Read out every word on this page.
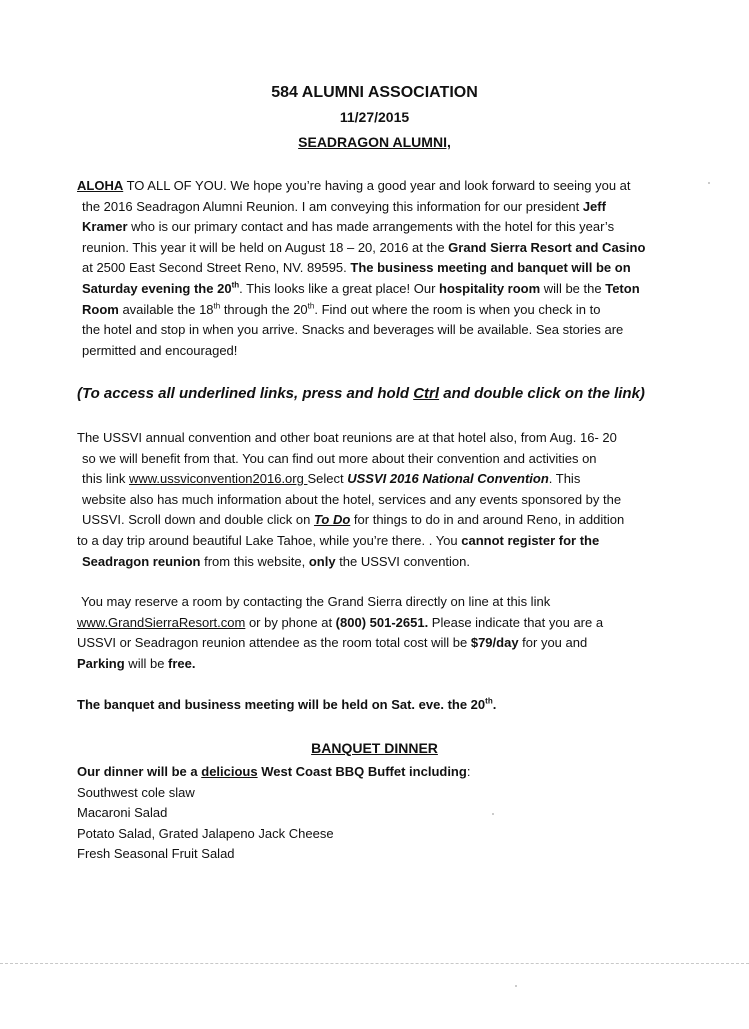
584 ALUMNI ASSOCIATION
11/27/2015
SEADRAGON ALUMNI,
ALOHA TO ALL OF YOU. We hope you’re having a good year and look forward to seeing you at
the 2016 Seadragon Alumni Reunion. I am conveying this information for our president Jeff
Kramer who is our primary contact and has made arrangements with the hotel for this year’s
reunion. This year it will be held on August 18 – 20, 2016 at the Grand Sierra Resort and Casino
at 2500 East Second Street Reno, NV. 89595. The business meeting and banquet will be on
Saturday evening the 20th. This looks like a great place! Our hospitality room will be the Teton
Room available the 18th through the 20th. Find out where the room is when you check in to
the hotel and stop in when you arrive. Snacks and beverages will be available. Sea stories are
permitted and encouraged!
(To access all underlined links, press and hold Ctrl and double click on the link)
The USSVI annual convention and other boat reunions are at that hotel also, from Aug. 16- 20
so we will benefit from that. You can find out more about their convention and activities on
this link www.ussviconvention2016.org Select USSVI 2016 National Convention. This
website also has much information about the hotel, services and any events sponsored by the
USSVI. Scroll down and double click on To Do for things to do in and around Reno, in addition
to a day trip around beautiful Lake Tahoe, while you’re there. . You cannot register for the
Seadragon reunion from this website, only the USSVI convention.
You may reserve a room by contacting the Grand Sierra directly on line at this link
www.GrandSierraResort.com or by phone at (800) 501-2651. Please indicate that you are a
USSVI or Seadragon reunion attendee as the room total cost will be $79/day for you and
Parking will be free.
The banquet and business meeting will be held on Sat. eve. the 20th.
BANQUET DINNER
Our dinner will be a delicious West Coast BBQ Buffet including:
Southwest cole slaw
Macaroni Salad
Potato Salad, Grated Jalapeno Jack Cheese
Fresh Seasonal Fruit Salad
